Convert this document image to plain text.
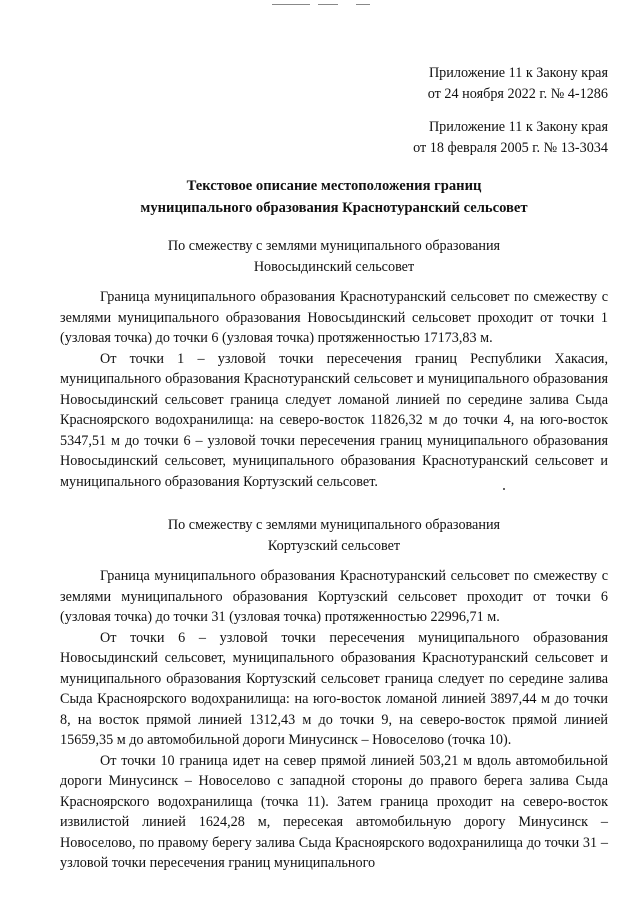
Приложение 11 к Закону края
от 24 ноября 2022 г. № 4-1286
Приложение 11 к Закону края
от 18 февраля 2005 г. № 13-3034
Текстовое описание местоположения границ
муниципального образования Краснотуранский сельсовет
По смежеству с землями муниципального образования
Новосыдинский сельсовет

Граница муниципального образования Краснотуранский сельсовет по смежеству с землями муниципального образования Новосыдинский сельсовет проходит от точки 1 (узловая точка) до точки 6 (узловая точка) протяженностью 17173,83 м.

От точки 1 – узловой точки пересечения границ Республики Хакасия, муниципального образования Краснотуранский сельсовет и муниципального образования Новосыдинский сельсовет граница следует ломаной линией по середине залива Сыда Красноярского водохранилища: на северо-восток 11826,32 м до точки 4, на юго-восток 5347,51 м до точки 6 – узловой точки пересечения границ муниципального образования Новосыдинский сельсовет, муниципального образования Краснотуранский сельсовет и муниципального образования Кортузский сельсовет.

По смежеству с землями муниципального образования
Кортузский сельсовет

Граница муниципального образования Краснотуранский сельсовет по смежеству с землями муниципального образования Кортузский сельсовет проходит от точки 6 (узловая точка) до точки 31 (узловая точка) протяженностью 22996,71 м.

От точки 6 – узловой точки пересечения муниципального образования Новосыдинский сельсовет, муниципального образования Краснотуранский сельсовет и муниципального образования Кортузский сельсовет граница следует по середине залива Сыда Красноярского водохранилища: на юго-восток ломаной линией 3897,44 м до точки 8, на восток прямой линией 1312,43 м до точки 9, на северо-восток прямой линией 15659,35 м до автомобильной дороги Минусинск – Новоселово (точка 10).

От точки 10 граница идет на север прямой линией 503,21 м вдоль автомобильной дороги Минусинск – Новоселово с западной стороны до правого берега залива Сыда Красноярского водохранилища (точка 11). Затем граница проходит на северо-восток извилистой линией 1624,28 м, пересекая автомобильную дорогу Минусинск – Новоселово, по правому берегу залива Сыда Красноярского водохранилища до точки 31 – узловой точки пересечения границ муниципального
